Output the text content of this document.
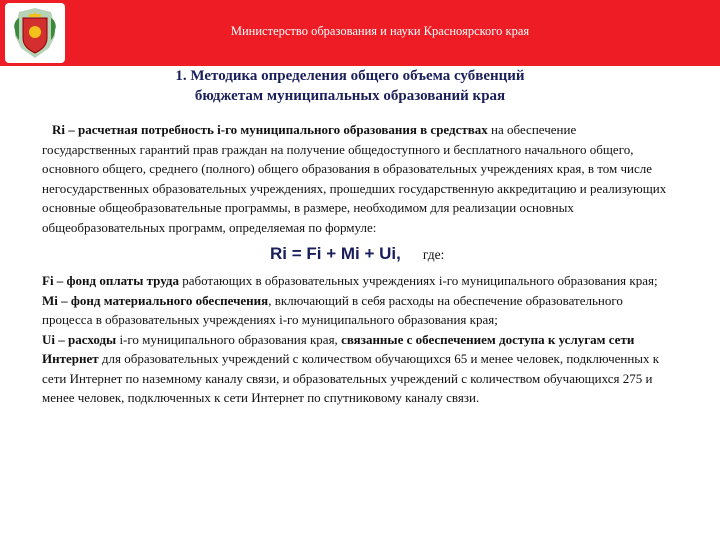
Министерство образования и науки Красноярского края
1. Методика определения общего объема субвенций
бюджетам муниципальных образований края

Ri – расчетная потребность i-го муниципального образования в средствах на обеспечение государственных гарантий прав граждан на получение общедоступного и бесплатного начального общего, основного общего, среднего (полного) общего образования в образовательных учреждениях края, в том числе негосударственных образовательных учреждениях, прошедших государственную аккредитацию и реализующих основные общеобразовательные программы, в размере, необходимом для реализации основных общеобразовательных программ, определяемая по формуле:

Ri = Fi + Mi + Ui, где:

Fi – фонд оплаты труда работающих в образовательных учреждениях i-го муниципального образования края;

Mi – фонд материального обеспечения, включающий в себя расходы на обеспечение образовательного процесса в образовательных учреждениях i-го муниципального образования края;

Ui – расходы i-го муниципального образования края, связанные с обеспечением доступа к услугам сети Интернет для образовательных учреждений с количеством обучающихся 65 и менее человек, подключенных к сети Интернет по наземному каналу связи, и образовательных учреждений с количеством обучающихся 275 и менее человек, подключенных к сети Интернет по спутниковому каналу связи.
